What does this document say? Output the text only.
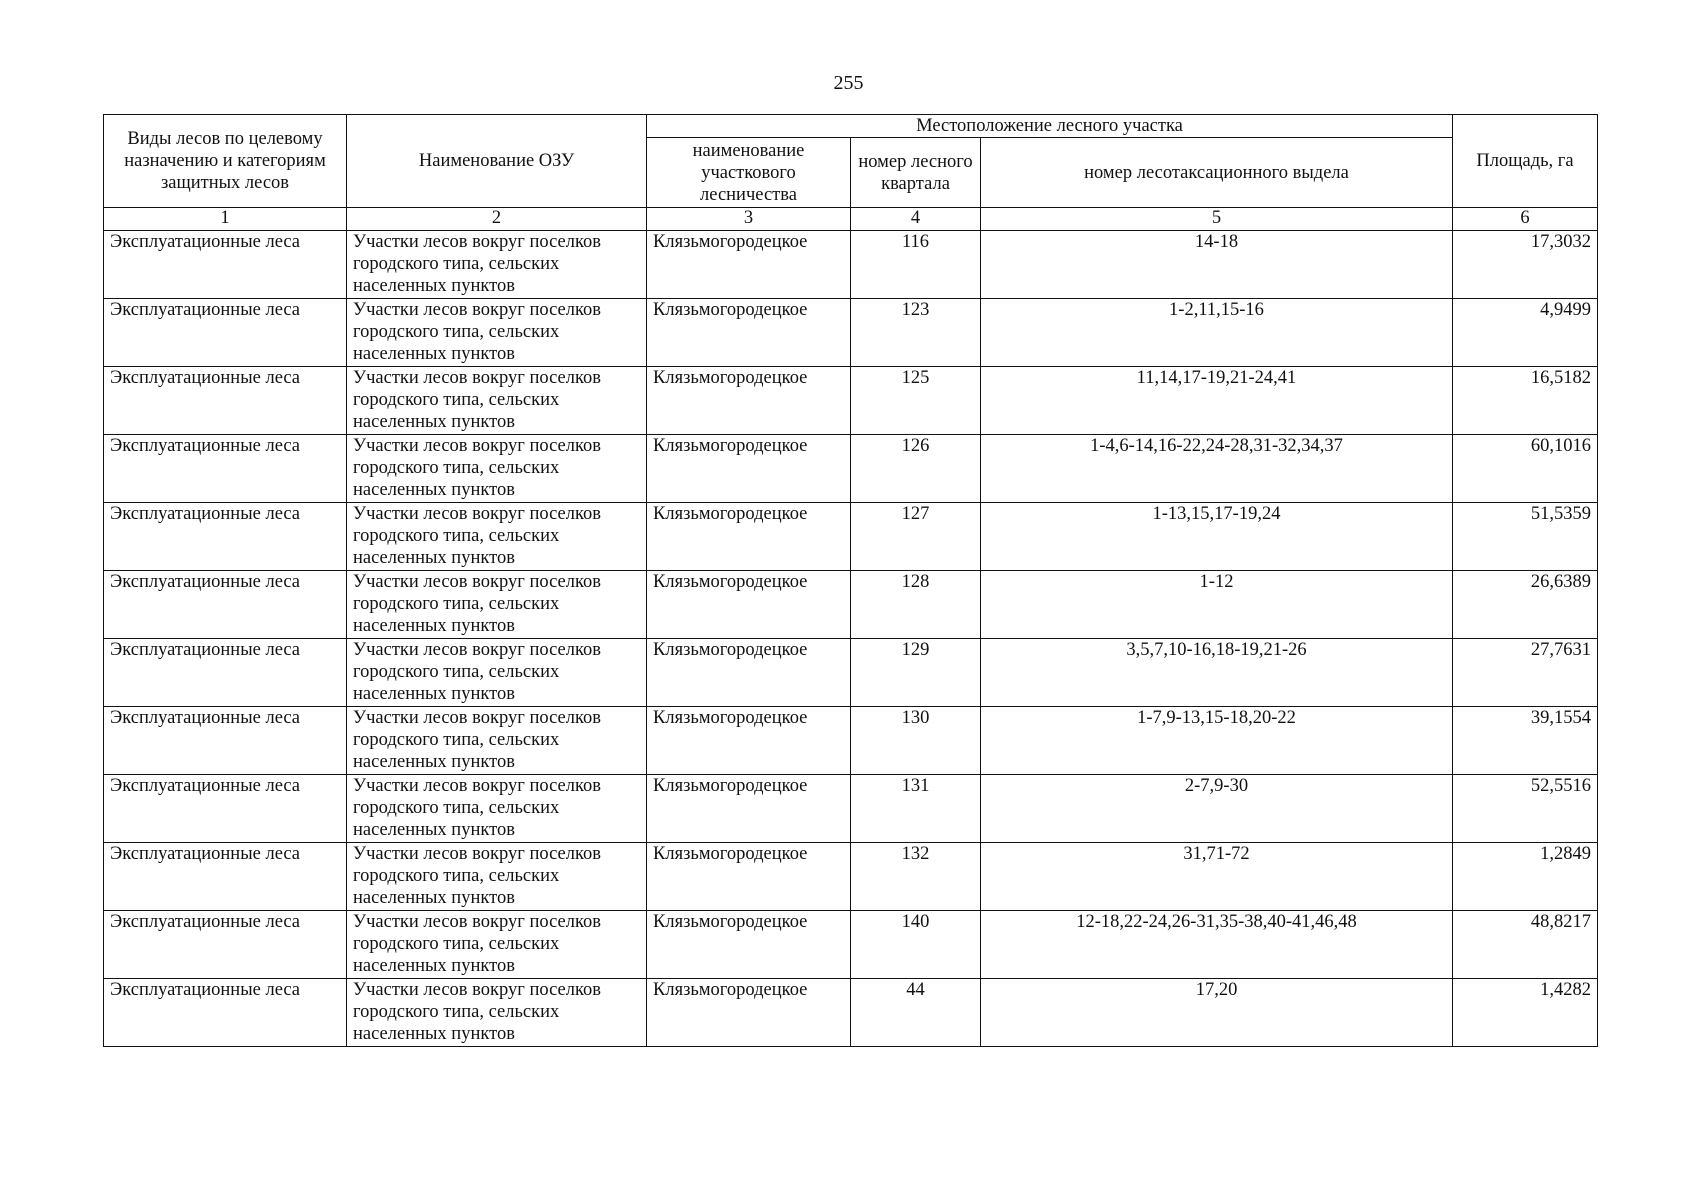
255
Виды лесов по целевому назначению и категориям защитных лесов	Наименование ОЗУ	Местоположение лесного участка			Площадь, га
		наименование участкового лесничества	номер лесного квартала	номер лесотаксационного выдела	
1	2	3	4	5	6
Эксплуатационные леса	Участки лесов вокруг поселков городского типа, сельских населенных пунктов	Клязьмогородецкое	116	14-18	17,3032
Эксплуатационные леса	Участки лесов вокруг поселков городского типа, сельских населенных пунктов	Клязьмогородецкое	123	1-2,11,15-16	4,9499
Эксплуатационные леса	Участки лесов вокруг поселков городского типа, сельских населенных пунктов	Клязьмогородецкое	125	11,14,17-19,21-24,41	16,5182
Эксплуатационные леса	Участки лесов вокруг поселков городского типа, сельских населенных пунктов	Клязьмогородецкое	126	1-4,6-14,16-22,24-28,31-32,34,37	60,1016
Эксплуатационные леса	Участки лесов вокруг поселков городского типа, сельских населенных пунктов	Клязьмогородецкое	127	1-13,15,17-19,24	51,5359
Эксплуатационные леса	Участки лесов вокруг поселков городского типа, сельских населенных пунктов	Клязьмогородецкое	128	1-12	26,6389
Эксплуатационные леса	Участки лесов вокруг поселков городского типа, сельских населенных пунктов	Клязьмогородецкое	129	3,5,7,10-16,18-19,21-26	27,7631
Эксплуатационные леса	Участки лесов вокруг поселков городского типа, сельских населенных пунктов	Клязьмогородецкое	130	1-7,9-13,15-18,20-22	39,1554
Эксплуатационные леса	Участки лесов вокруг поселков городского типа, сельских населенных пунктов	Клязьмогородецкое	131	2-7,9-30	52,5516
Эксплуатационные леса	Участки лесов вокруг поселков городского типа, сельских населенных пунктов	Клязьмогородецкое	132	31,71-72	1,2849
Эксплуатационные леса	Участки лесов вокруг поселков городского типа, сельских населенных пунктов	Клязьмогородецкое	140	12-18,22-24,26-31,35-38,40-41,46,48	48,8217
Эксплуатационные леса	Участки лесов вокруг поселков городского типа, сельских населенных пунктов	Клязьмогородецкое	44	17,20	1,4282
